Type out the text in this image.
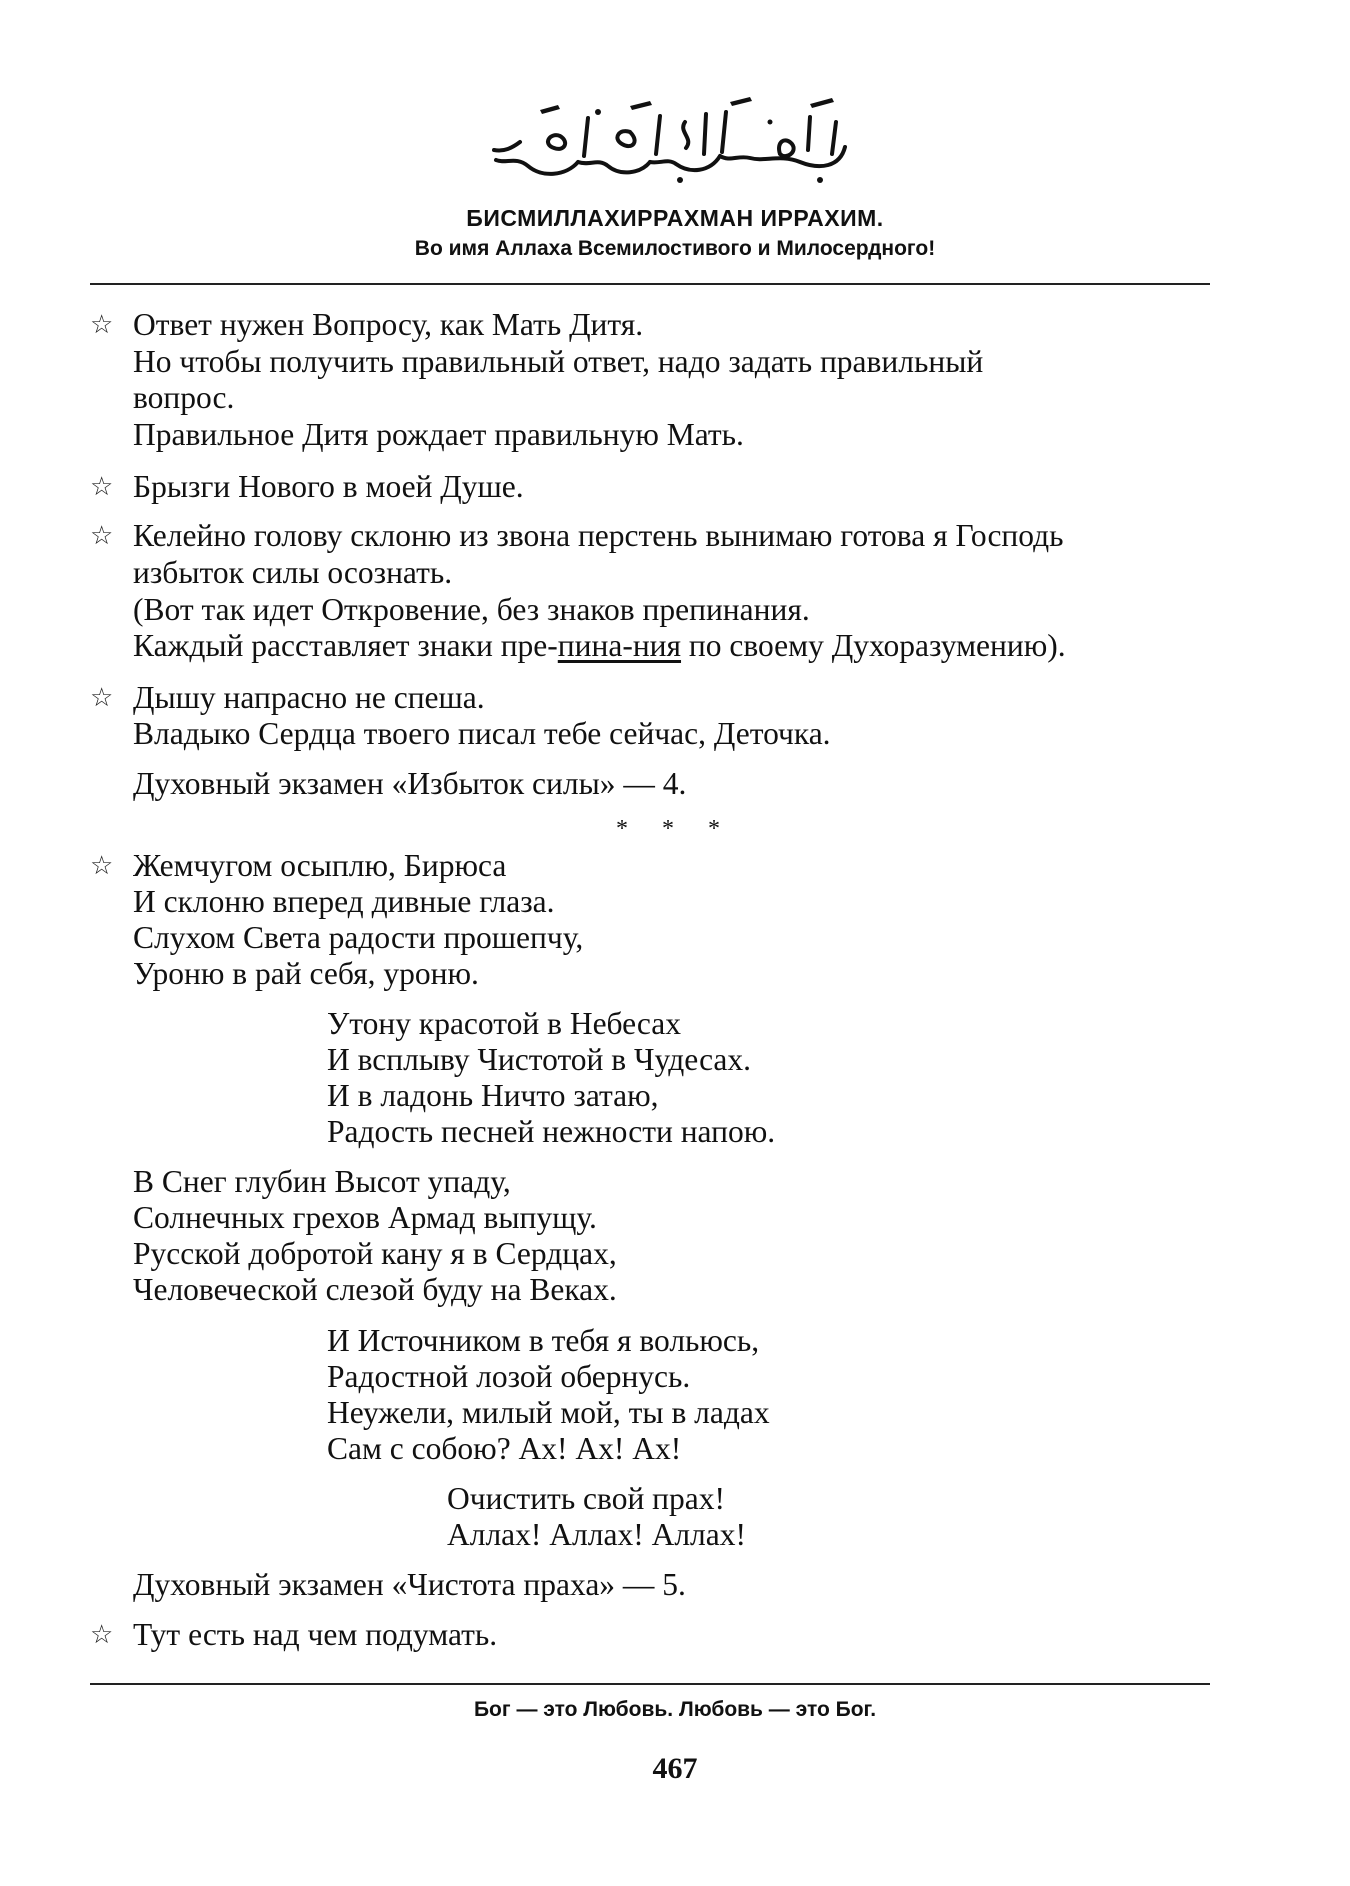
БИСМИЛЛАХИРРАХМАН ИРРАХИМ.
Во имя Аллаха Всемилостивого и Милосердного!
☆ Ответ нужен Вопросу, как Мать Дитя.
Но чтобы получить правильный ответ, надо задать правильный
вопрос.
Правильное Дитя рождает правильную Мать.
☆ Брызги Нового в моей Душе.
☆ Келейно голову склоню из звона перстень вынимаю готова я Господь
избыток силы осознать.
(Вот так идет Откровение, без знаков препинания.
Каждый расставляет знаки пре-пина-ния по своему Духоразумению).
☆ Дышу напрасно не спеша.
Владыко Сердца твоего писал тебе сейчас, Деточка.
Духовный экзамен «Избыток силы» — 4.
* * *
☆ Жемчугом осыплю, Бирюса
И склоню вперед дивные глаза.
Слухом Света радости прошепчу,
Уроню в рай себя, уроню.
Утону красотой в Небесах
И всплыву Чистотой в Чудесах.
И в ладонь Ничто затаю,
Радость песней нежности напою.
В Снег глубин Высот упаду,
Солнечных грехов Армад выпущу.
Русской добротой кану я в Сердцах,
Человеческой слезой буду на Веках.
И Источником в тебя я вольюсь,
Радостной лозой обернусь.
Неужели, милый мой, ты в ладах
Сам с собою? Ах! Ах! Ах!
Очистить свой прах!
Аллах! Аллах! Аллах!
Духовный экзамен «Чистота праха» — 5.
☆ Тут есть над чем подумать.
Бог — это Любовь. Любовь — это Бог.
467
